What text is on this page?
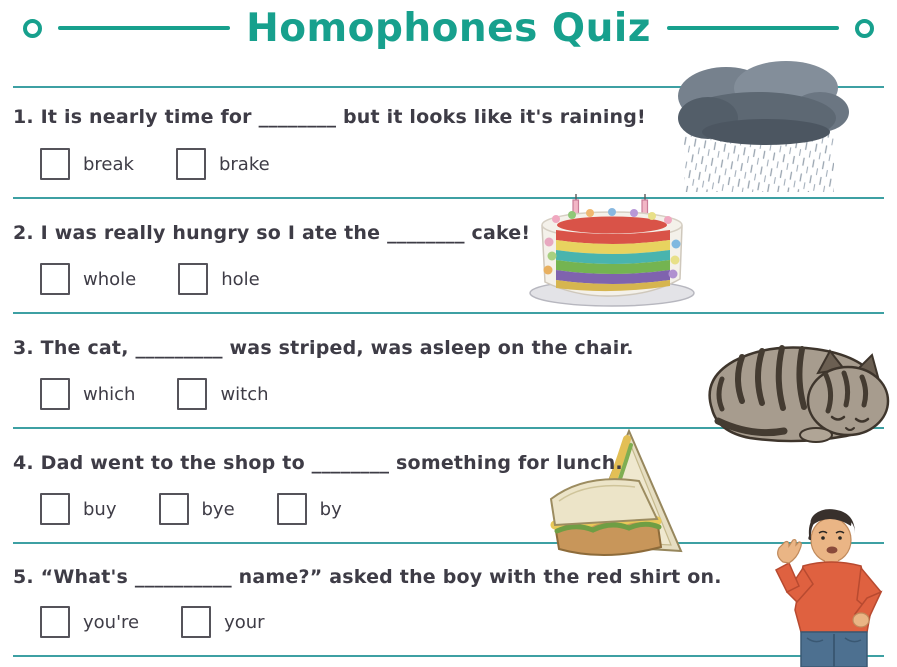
Homophones Quiz

1. It is nearly time for ________ but it looks like it's raining!

break	brake

2. I was really hungry so I ate the ________ cake!

whole	hole

3. The cat, _________ was striped, was asleep on the chair.

which	witch

4. Dad went to the shop to ________ something for lunch.

buy	bye	by

5. “What's __________ name?” asked the boy with the red shirt on.

you're	your
